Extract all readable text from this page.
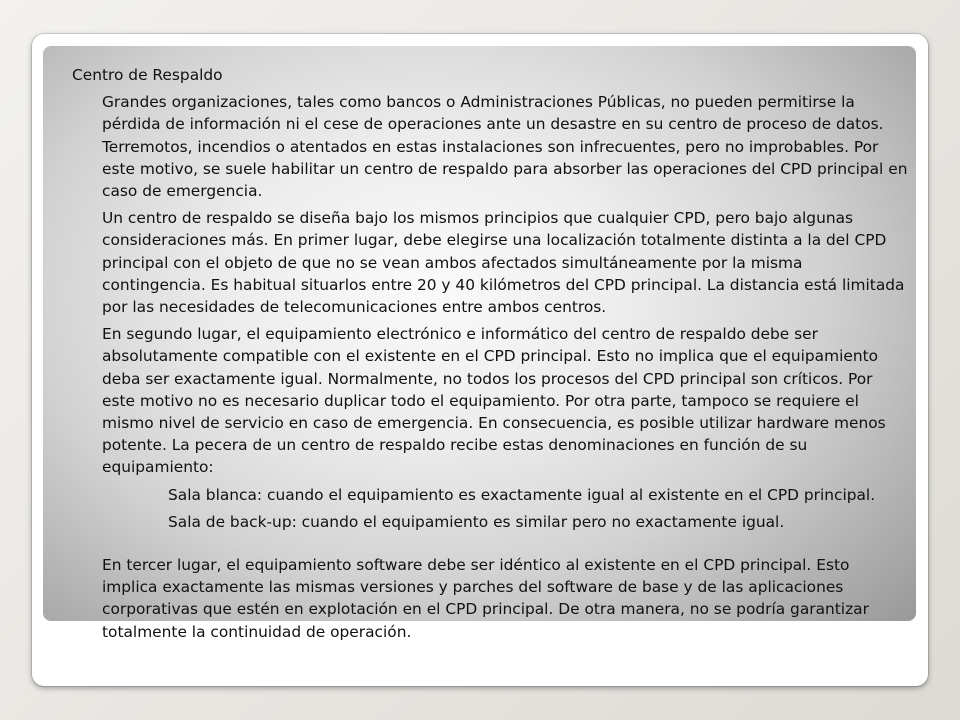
Centro de Respaldo

Grandes organizaciones, tales como bancos o Administraciones Públicas, no pueden permitirse la pérdida de información ni el cese de operaciones ante un desastre en su centro de proceso de datos. Terremotos, incendios o atentados en estas instalaciones son infrecuentes, pero no improbables. Por este motivo, se suele habilitar un centro de respaldo para absorber las operaciones del CPD principal en caso de emergencia.

Un centro de respaldo se diseña bajo los mismos principios que cualquier CPD, pero bajo algunas consideraciones más. En primer lugar, debe elegirse una localización totalmente distinta a la del CPD principal con el objeto de que no se vean ambos afectados simultáneamente por la misma contingencia. Es habitual situarlos entre 20 y 40 kilómetros del CPD principal. La distancia está limitada por las necesidades de telecomunicaciones entre ambos centros.

En segundo lugar, el equipamiento electrónico e informático del centro de respaldo debe ser absolutamente compatible con el existente en el CPD principal. Esto no implica que el equipamiento deba ser exactamente igual. Normalmente, no todos los procesos del CPD principal son críticos. Por este motivo no es necesario duplicar todo el equipamiento. Por otra parte, tampoco se requiere el mismo nivel de servicio en caso de emergencia. En consecuencia, es posible utilizar hardware menos potente. La pecera de un centro de respaldo recibe estas denominaciones en función de su equipamiento:

Sala blanca: cuando el equipamiento es exactamente igual al existente en el CPD principal.

Sala de back-up: cuando el equipamiento es similar pero no exactamente igual.

En tercer lugar, el equipamiento software debe ser idéntico al existente en el CPD principal. Esto implica exactamente las mismas versiones y parches del software de base y de las aplicaciones corporativas que estén en explotación en el CPD principal. De otra manera, no se podría garantizar totalmente la continuidad de operación.
